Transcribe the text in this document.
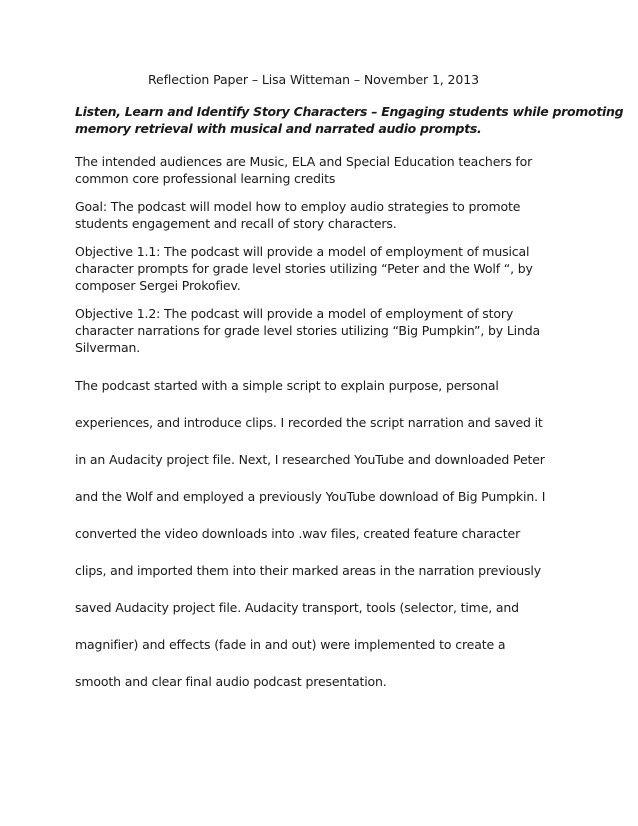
Reflection Paper – Lisa Witteman – November 1, 2013
Listen, Learn and Identify Story Characters – Engaging students while promoting
memory retrieval with musical and narrated audio prompts.
The intended audiences are Music, ELA and Special Education teachers for
common core professional learning credits
Goal: The podcast will model how to employ audio strategies to promote
students engagement and recall of story characters.
Objective 1.1: The podcast will provide a model of employment of musical
character prompts for grade level stories utilizing “Peter and the Wolf “, by
composer Sergei Prokofiev.
Objective 1.2: The podcast will provide a model of employment of story
character narrations for grade level stories utilizing “Big Pumpkin”, by Linda
Silverman.
The podcast started with a simple script to explain purpose, personal
experiences, and introduce clips. I recorded the script narration and saved it
in an Audacity project file. Next, I researched YouTube and downloaded Peter
and the Wolf and employed a previously YouTube download of Big Pumpkin. I
converted the video downloads into .wav files, created feature character
clips, and imported them into their marked areas in the narration previously
saved Audacity project file. Audacity transport, tools (selector, time, and
magnifier) and effects (fade in and out) were implemented to create a
smooth and clear final audio podcast presentation.
